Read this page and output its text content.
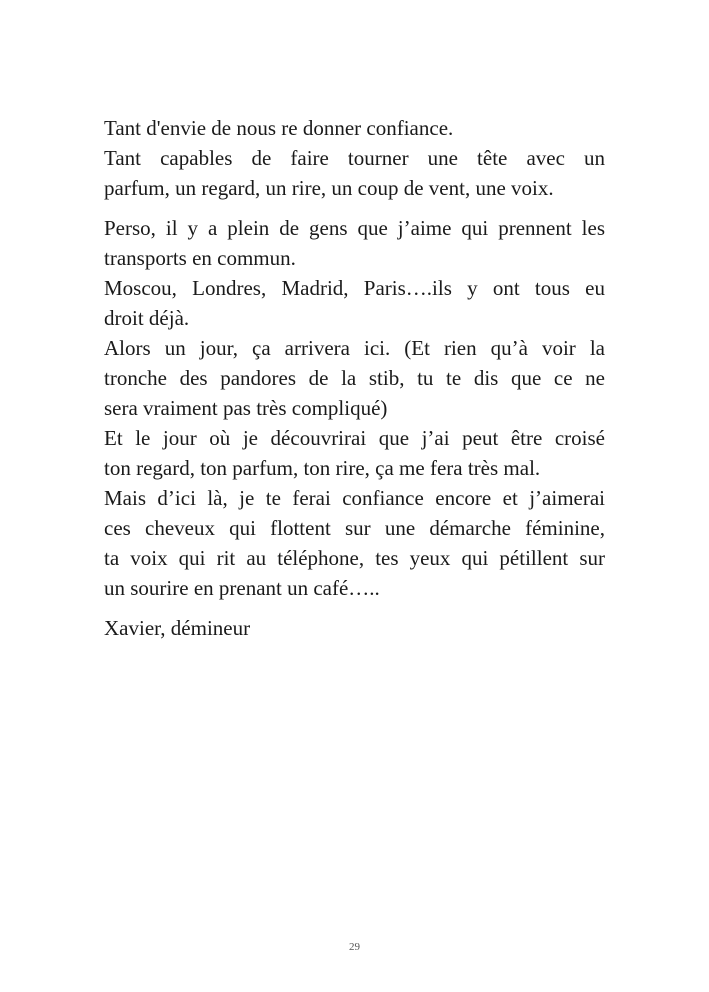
Tant d'envie de nous re donner confiance.
Tant capables de faire tourner une tête avec un
parfum, un regard, un rire, un coup de vent, une voix.
Perso, il y a plein de gens que j’aime qui prennent les
transports en commun.
Moscou, Londres, Madrid, Paris….ils y ont tous eu
droit déjà.
Alors un jour, ça arrivera ici. (Et rien qu’à voir la
tronche des pandores de la stib, tu te dis que ce ne
sera vraiment pas très compliqué)
Et le jour où je découvrirai que j’ai peut être croisé
ton regard, ton parfum, ton rire, ça me fera très mal.
Mais d’ici là, je te ferai confiance encore et j’aimerai
ces cheveux qui flottent sur une démarche féminine,
ta voix qui rit au téléphone, tes yeux qui pétillent sur
un sourire en prenant un café…..
Xavier, démineur
29
